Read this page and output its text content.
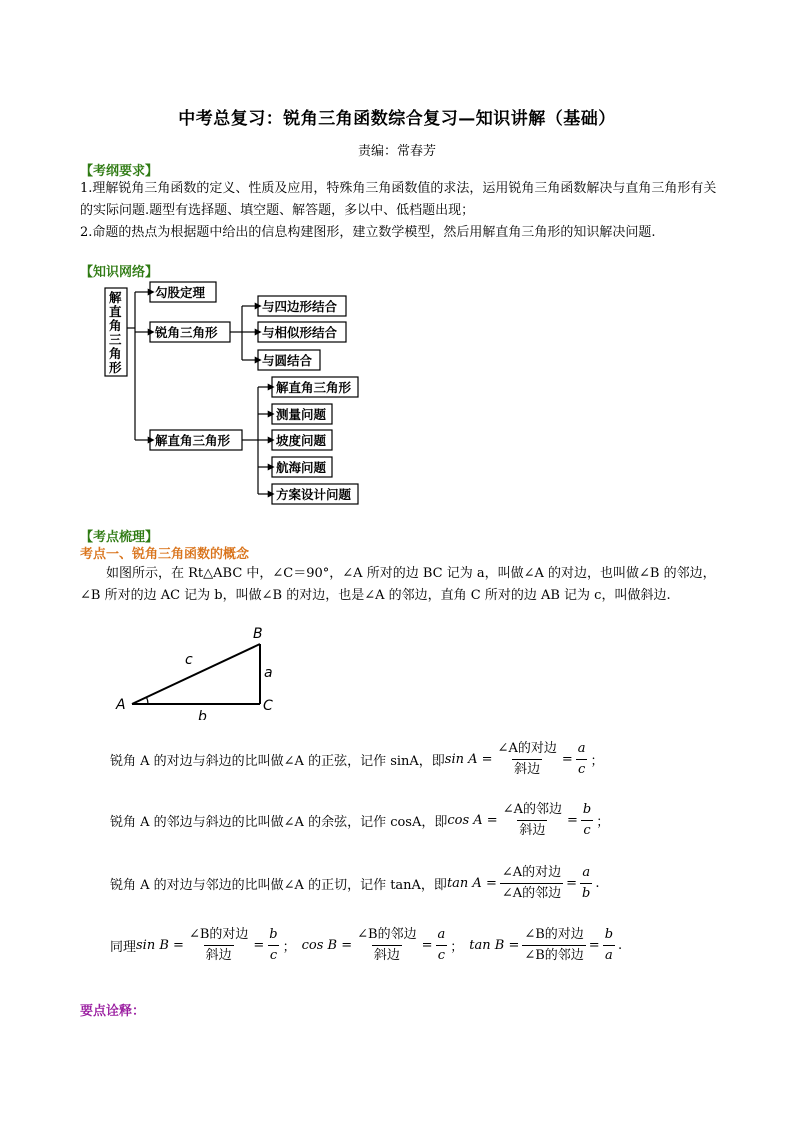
中考总复习：锐角三角函数综合复习—知识讲解（基础）
责编：常春芳
【考纲要求】
1.理解锐角三角函数的定义、性质及应用，特殊角三角函数值的求法，运用锐角三角函数解决与直角三角形有关的实际问题.题型有选择题、填空题、解答题，多以中、低档题出现；
2.命题的热点为根据题中给出的信息构建图形，建立数学模型，然后用解直角三角形的知识解决问题.
【知识网络】
解
直
角
三
角
形
勾股定理
锐角三角形
与四边形结合
与相似形结合
与圆结合
解直角三角形
解直角三角形
测量问题
坡度问题
航海问题
方案设计问题
【考点梳理】
考点一、锐角三角函数的概念
如图所示，在 Rt△ABC 中，∠C＝90°，∠A 所对的边 BC 记为 a，叫做∠A 的对边，也叫做∠B 的邻边，∠B 所对的边 AC 记为 b，叫做∠B 的对边，也是∠A 的邻边，直角 C 所对的边 AB 记为 c，叫做斜边.
A
B
C
a
b
c
锐角 A 的对边与斜边的比叫做∠A 的正弦，记作 sinA，即 $\sin A = \frac{\text{∠A的对边}}{\text{斜边}} = \frac{a}{c}$ ；
锐角 A 的邻边与斜边的比叫做∠A 的余弦，记作 cosA，即 $\cos A = \frac{\text{∠A的邻边}}{\text{斜边}} = \frac{b}{c}$ ；
锐角 A 的对边与邻边的比叫做∠A 的正切，记作 tanA，即 $\tan A = \frac{\text{∠A的对边}}{\text{∠A的邻边}} = \frac{a}{b}$ .
同理 $\sin B = \frac{\text{∠B的对边}}{\text{斜边}} = \frac{b}{c}$ ； $\cos B = \frac{\text{∠B的邻边}}{\text{斜边}} = \frac{a}{c}$ ； $\tan B = \frac{\text{∠B的对边}}{\text{∠B的邻边}} = \frac{b}{a}$ .
要点诠释：
